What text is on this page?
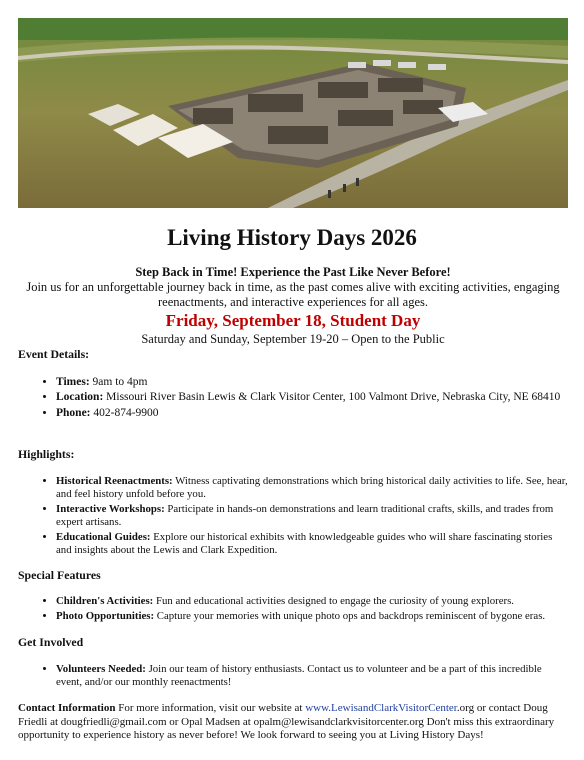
Living History Days 2026
Step Back in Time! Experience the Past Like Never Before!
Join us for an unforgettable journey back in time, as the past comes alive with exciting activities, engaging reenactments, and interactive experiences for all ages.
Friday, September 18, Student Day
Saturday and Sunday, September 19-20 – Open to the Public
Event Details:
• Times: 9am to 4pm
• Location: Missouri River Basin Lewis & Clark Visitor Center, 100 Valmont Drive, Nebraska City, NE 68410
• Phone: 402-874-9900
Highlights:
• Historical Reenactments: Witness captivating demonstrations which bring historical daily activities to life. See, hear, and feel history unfold before you.
• Interactive Workshops: Participate in hands-on demonstrations and learn traditional crafts, skills, and trades from expert artisans.
• Educational Guides: Explore our historical exhibits with knowledgeable guides who will share fascinating stories and insights about the Lewis and Clark Expedition.
Special Features
• Children's Activities: Fun and educational activities designed to engage the curiosity of young explorers.
• Photo Opportunities: Capture your memories with unique photo ops and backdrops reminiscent of bygone eras.
Get Involved
• Volunteers Needed: Join our team of history enthusiasts. Contact us to volunteer and be a part of this incredible event, and/or our monthly reenactments!
Contact Information For more information, visit our website at www.LewisandClarkVisitorCenter.org or contact Doug Friedli at dougfriedli@gmail.com or Opal Madsen at opalm@lewisandclarkvisitorcenter.org Don't miss this extraordinary opportunity to experience history as never before! We look forward to seeing you at Living History Days!
